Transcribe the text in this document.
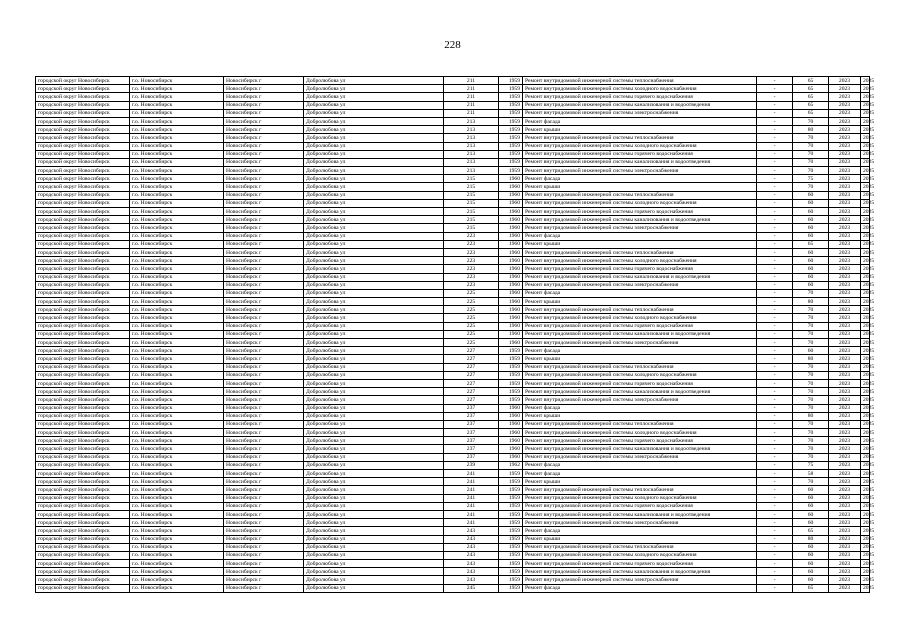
228
городской округ Новосибирск	г.о. Новосибирск	Новосибирск г	Добролюбова ул	211	1959	Ремонт внутридомовой инженерной системы теплоснабжения	-	65	2023	2025
городской округ Новосибирск	г.о. Новосибирск	Новосибирск г	Добролюбова ул	211	1959	Ремонт внутридомовой инженерной системы холодного водоснабжения	-	65	2023	2025
городской округ Новосибирск	г.о. Новосибирск	Новосибирск г	Добролюбова ул	211	1959	Ремонт внутридомовой инженерной системы горячего водоснабжения	-	65	2023	2025
городской округ Новосибирск	г.о. Новосибирск	Новосибирск г	Добролюбова ул	211	1959	Ремонт внутридомовой инженерной системы канализования и водоотведения	-	65	2023	2025
городской округ Новосибирск	г.о. Новосибирск	Новосибирск г	Добролюбова ул	211	1959	Ремонт внутридомовой инженерной системы электроснабжения	-	65	2023	2025
городской округ Новосибирск	г.о. Новосибирск	Новосибирск г	Добролюбова ул	213	1959	Ремонт фасада	-	70	2023	2025
городской округ Новосибирск	г.о. Новосибирск	Новосибирск г	Добролюбова ул	213	1959	Ремонт крыши	-	80	2023	2025
городской округ Новосибирск	г.о. Новосибирск	Новосибирск г	Добролюбова ул	213	1959	Ремонт внутридомовой инженерной системы теплоснабжения	-	70	2023	2025
городской округ Новосибирск	г.о. Новосибирск	Новосибирск г	Добролюбова ул	213	1959	Ремонт внутридомовой инженерной системы холодного водоснабжения	-	70	2023	2025
городской округ Новосибирск	г.о. Новосибирск	Новосибирск г	Добролюбова ул	213	1959	Ремонт внутридомовой инженерной системы горячего водоснабжения	-	70	2023	2025
городской округ Новосибирск	г.о. Новосибирск	Новосибирск г	Добролюбова ул	213	1959	Ремонт внутридомовой инженерной системы канализования и водоотведения	-	70	2023	2025
городской округ Новосибирск	г.о. Новосибирск	Новосибирск г	Добролюбова ул	213	1959	Ремонт внутридомовой инженерной системы электроснабжения	-	70	2023	2025
городской округ Новосибирск	г.о. Новосибирск	Новосибирск г	Добролюбова ул	215	1960	Ремонт фасада	-	75	2023	2025
городской округ Новосибирск	г.о. Новосибирск	Новосибирск г	Добролюбова ул	215	1960	Ремонт крыши	-	70	2023	2025
городской округ Новосибирск	г.о. Новосибирск	Новосибирск г	Добролюбова ул	215	1960	Ремонт внутридомовой инженерной системы теплоснабжения	-	60	2023	2025
городской округ Новосибирск	г.о. Новосибирск	Новосибирск г	Добролюбова ул	215	1960	Ремонт внутридомовой инженерной системы холодного водоснабжения	-	60	2023	2025
городской округ Новосибирск	г.о. Новосибирск	Новосибирск г	Добролюбова ул	215	1960	Ремонт внутридомовой инженерной системы горячего водоснабжения	-	60	2023	2025
городской округ Новосибирск	г.о. Новосибирск	Новосибирск г	Добролюбова ул	215	1960	Ремонт внутридомовой инженерной системы канализования и водоотведения	-	60	2023	2025
городской округ Новосибирск	г.о. Новосибирск	Новосибирск г	Добролюбова ул	215	1960	Ремонт внутридомовой инженерной системы электроснабжения	-	60	2023	2025
городской округ Новосибирск	г.о. Новосибирск	Новосибирск г	Добролюбова ул	223	1960	Ремонт фасада	-	60	2023	2025
городской округ Новосибирск	г.о. Новосибирск	Новосибирск г	Добролюбова ул	223	1960	Ремонт крыши	-	65	2023	2025
городской округ Новосибирск	г.о. Новосибирск	Новосибирск г	Добролюбова ул	223	1960	Ремонт внутридомовой инженерной системы теплоснабжения	-	60	2023	2025
городской округ Новосибирск	г.о. Новосибирск	Новосибирск г	Добролюбова ул	223	1960	Ремонт внутридомовой инженерной системы холодного водоснабжения	-	60	2023	2025
городской округ Новосибирск	г.о. Новосибирск	Новосибирск г	Добролюбова ул	223	1960	Ремонт внутридомовой инженерной системы горячего водоснабжения	-	60	2023	2025
городской округ Новосибирск	г.о. Новосибирск	Новосибирск г	Добролюбова ул	223	1960	Ремонт внутридомовой инженерной системы канализования и водоотведения	-	60	2023	2025
городской округ Новосибирск	г.о. Новосибирск	Новосибирск г	Добролюбова ул	223	1960	Ремонт внутридомовой инженерной системы электроснабжения	-	60	2023	2025
городской округ Новосибирск	г.о. Новосибирск	Новосибирск г	Добролюбова ул	225	1960	Ремонт фасада	-	70	2023	2025
городской округ Новосибирск	г.о. Новосибирск	Новосибирск г	Добролюбова ул	225	1960	Ремонт крыши	-	80	2023	2025
городской округ Новосибирск	г.о. Новосибирск	Новосибирск г	Добролюбова ул	225	1960	Ремонт внутридомовой инженерной системы теплоснабжения	-	70	2023	2025
городской округ Новосибирск	г.о. Новосибирск	Новосибирск г	Добролюбова ул	225	1960	Ремонт внутридомовой инженерной системы холодного водоснабжения	-	70	2023	2025
городской округ Новосибирск	г.о. Новосибирск	Новосибирск г	Добролюбова ул	225	1960	Ремонт внутридомовой инженерной системы горячего водоснабжения	-	70	2023	2025
городской округ Новосибирск	г.о. Новосибирск	Новосибирск г	Добролюбова ул	225	1960	Ремонт внутридомовой инженерной системы канализования и водоотведения	-	70	2023	2025
городской округ Новосибирск	г.о. Новосибирск	Новосибирск г	Добролюбова ул	225	1960	Ремонт внутридомовой инженерной системы электроснабжения	-	70	2023	2025
городской округ Новосибирск	г.о. Новосибирск	Новосибирск г	Добролюбова ул	227	1959	Ремонт фасада	-	60	2023	2025
городской округ Новосибирск	г.о. Новосибирск	Новосибирск г	Добролюбова ул	227	1959	Ремонт крыши	-	80	2023	2025
городской округ Новосибирск	г.о. Новосибирск	Новосибирск г	Добролюбова ул	227	1959	Ремонт внутридомовой инженерной системы теплоснабжения	-	70	2023	2025
городской округ Новосибирск	г.о. Новосибирск	Новосибирск г	Добролюбова ул	227	1959	Ремонт внутридомовой инженерной системы холодного водоснабжения	-	70	2023	2025
городской округ Новосибирск	г.о. Новосибирск	Новосибирск г	Добролюбова ул	227	1959	Ремонт внутридомовой инженерной системы горячего водоснабжения	-	70	2023	2025
городской округ Новосибирск	г.о. Новосибирск	Новосибирск г	Добролюбова ул	227	1959	Ремонт внутридомовой инженерной системы канализования и водоотведения	-	70	2023	2025
городской округ Новосибирск	г.о. Новосибирск	Новосибирск г	Добролюбова ул	227	1959	Ремонт внутридомовой инженерной системы электроснабжения	-	70	2023	2025
городской округ Новосибирск	г.о. Новосибирск	Новосибирск г	Добролюбова ул	237	1960	Ремонт фасада	-	70	2023	2025
городской округ Новосибирск	г.о. Новосибирск	Новосибирск г	Добролюбова ул	237	1960	Ремонт крыши	-	80	2023	2025
городской округ Новосибирск	г.о. Новосибирск	Новосибирск г	Добролюбова ул	237	1960	Ремонт внутридомовой инженерной системы теплоснабжения	-	70	2023	2025
городской округ Новосибирск	г.о. Новосибирск	Новосибирск г	Добролюбова ул	237	1960	Ремонт внутридомовой инженерной системы холодного водоснабжения	-	70	2023	2025
городской округ Новосибирск	г.о. Новосибирск	Новосибирск г	Добролюбова ул	237	1960	Ремонт внутридомовой инженерной системы горячего водоснабжения	-	70	2023	2025
городской округ Новосибирск	г.о. Новосибирск	Новосибирск г	Добролюбова ул	237	1960	Ремонт внутридомовой инженерной системы канализования и водоотведения	-	70	2023	2025
городской округ Новосибирск	г.о. Новосибирск	Новосибирск г	Добролюбова ул	237	1960	Ремонт внутридомовой инженерной системы электроснабжения	-	70	2023	2025
городской округ Новосибирск	г.о. Новосибирск	Новосибирск г	Добролюбова ул	239	1962	Ремонт фасада	-	75	2023	2025
городской округ Новосибирск	г.о. Новосибирск	Новосибирск г	Добролюбова ул	241	1959	Ремонт фасада	-	58	2023	2025
городской округ Новосибирск	г.о. Новосибирск	Новосибирск г	Добролюбова ул	241	1959	Ремонт крыши	-	70	2023	2025
городской округ Новосибирск	г.о. Новосибирск	Новосибирск г	Добролюбова ул	241	1959	Ремонт внутридомовой инженерной системы теплоснабжения	-	60	2023	2025
городской округ Новосибирск	г.о. Новосибирск	Новосибирск г	Добролюбова ул	241	1959	Ремонт внутридомовой инженерной системы холодного водоснабжения	-	60	2023	2025
городской округ Новосибирск	г.о. Новосибирск	Новосибирск г	Добролюбова ул	241	1959	Ремонт внутридомовой инженерной системы горячего водоснабжения	-	60	2023	2025
городской округ Новосибирск	г.о. Новосибирск	Новосибирск г	Добролюбова ул	241	1959	Ремонт внутридомовой инженерной системы канализования и водоотведения	-	60	2023	2025
городской округ Новосибирск	г.о. Новосибирск	Новосибирск г	Добролюбова ул	241	1959	Ремонт внутридомовой инженерной системы электроснабжения	-	60	2023	2025
городской округ Новосибирск	г.о. Новосибирск	Новосибирск г	Добролюбова ул	243	1959	Ремонт фасада	-	65	2023	2025
городской округ Новосибирск	г.о. Новосибирск	Новосибирск г	Добролюбова ул	243	1959	Ремонт крыши	-	80	2023	2025
городской округ Новосибирск	г.о. Новосибирск	Новосибирск г	Добролюбова ул	243	1959	Ремонт внутридомовой инженерной системы теплоснабжения	-	60	2023	2025
городской округ Новосибирск	г.о. Новосибирск	Новосибирск г	Добролюбова ул	243	1959	Ремонт внутридомовой инженерной системы холодного водоснабжения	-	60	2023	2025
городской округ Новосибирск	г.о. Новосибирск	Новосибирск г	Добролюбова ул	243	1959	Ремонт внутридомовой инженерной системы горячего водоснабжения	-	60	2023	2025
городской округ Новосибирск	г.о. Новосибирск	Новосибирск г	Добролюбова ул	243	1959	Ремонт внутридомовой инженерной системы канализования и водоотведения	-	60	2023	2025
городской округ Новосибирск	г.о. Новосибирск	Новосибирск г	Добролюбова ул	243	1959	Ремонт внутридомовой инженерной системы электроснабжения	-	60	2023	2025
городской округ Новосибирск	г.о. Новосибирск	Новосибирск г	Добролюбова ул	245	1959	Ремонт фасада	-	65	2023	2025
